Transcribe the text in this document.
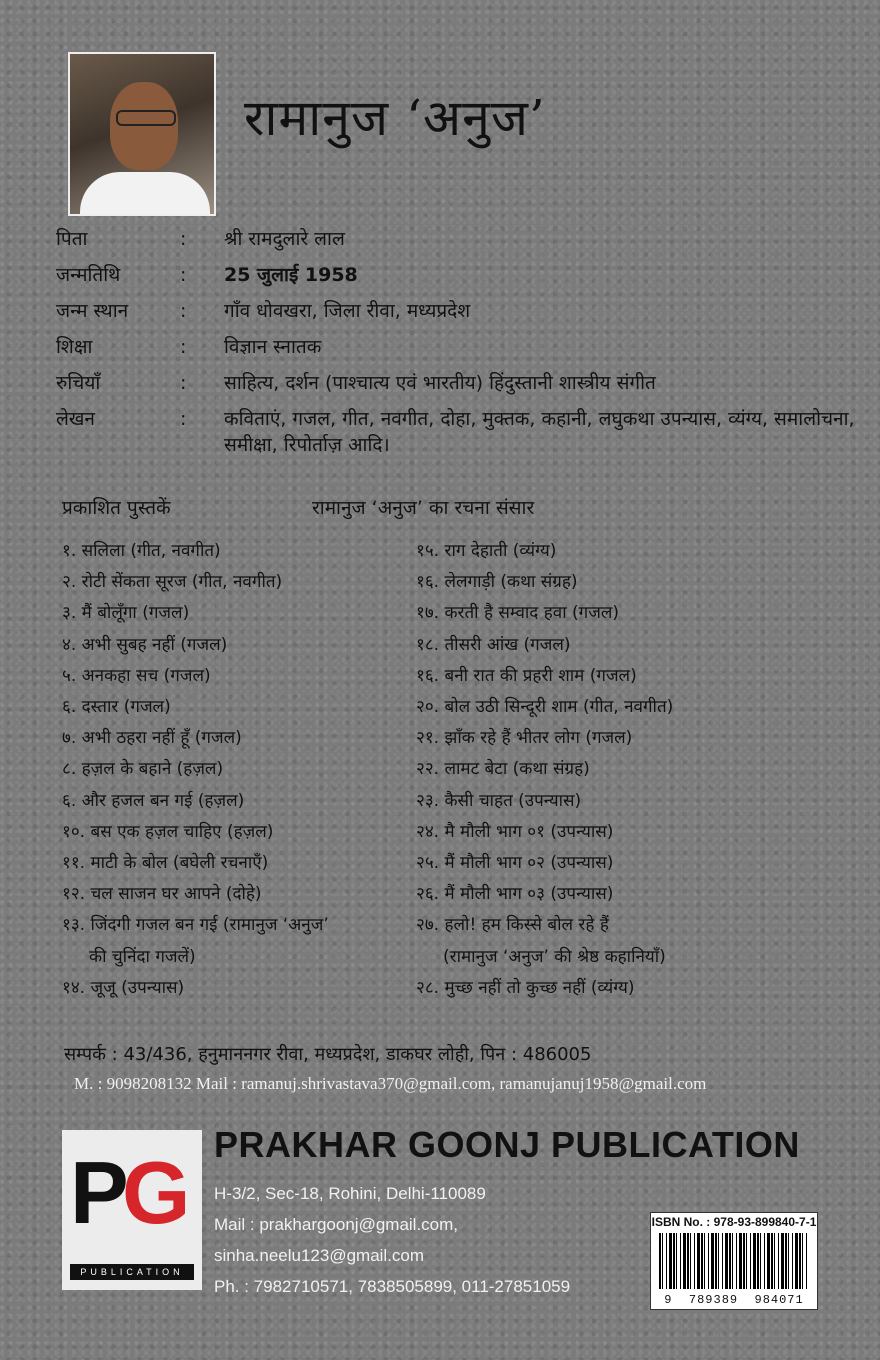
रामानुज ‘अनुज’
पिता	:	श्री रामदुलारे लाल
जन्मतिथि	:	25 जुलाई 1958
जन्म स्थान	:	गाँव धोवखरा, जिला रीवा, मध्यप्रदेश
शिक्षा	:	विज्ञान स्नातक
रुचियाँ	:	साहित्य, दर्शन (पाश्चात्य एवं भारतीय) हिंदुस्तानी शास्त्रीय संगीत
लेखन	:	कविताएं, गजल, गीत, नवगीत, दोहा, मुक्तक, कहानी, लघुकथा उपन्यास, व्यंग्य, समालोचना, समीक्षा, रिपोर्ताज़ आदि।
प्रकाशित पुस्तकें	रामानुज ‘अनुज’ का रचना संसार
१. सलिला (गीत, नवगीत)
२. रोटी सेंकता सूरज (गीत, नवगीत)
३. मैं बोलूँगा (गजल)
४. अभी सुबह नहीं (गजल)
५. अनकहा सच (गजल)
६. दस्तार (गजल)
७. अभी ठहरा नहीं हूँ (गजल)
८. हज़ल के बहाने (हज़ल)
६. और हजल बन गई (हज़ल)
१०. बस एक हज़ल चाहिए (हज़ल)
११. माटी के बोल (बघेली रचनाएँ)
१२. चल साजन घर आपने (दोहे)
१३. जिंदगी गजल बन गई (रामानुज ‘अनुज’
की चुनिंदा गजलें)
१४. जूजू (उपन्यास)
१५. राग देहाती (व्यंग्य)
१६. लेलगाड़ी (कथा संग्रह)
१७. करती है सम्वाद हवा (गजल)
१८. तीसरी आंख (गजल)
१६. बनी रात की प्रहरी शाम (गजल)
२०. बोल उठी सिन्दूरी शाम (गीत, नवगीत)
२१. झाँक रहे हैं भीतर लोग (गजल)
२२. लामट बेटा (कथा संग्रह)
२३. कैसी चाहत (उपन्यास)
२४. मै मौली भाग ०१ (उपन्यास)
२५. मैं मौली भाग ०२ (उपन्यास)
२६. मैं मौली भाग ०३ (उपन्यास)
२७. हलो! हम किस्से बोल रहे हैं
(रामानुज ‘अनुज’ की श्रेष्ठ कहानियाँ)
२८. मुच्छ नहीं तो कुच्छ नहीं (व्यंग्य)
सम्पर्क : 43/436, हनुमाननगर रीवा, मध्यप्रदेश, डाकघर लोही, पिन : 486005
M. : 9098208132 Mail : ramanuj.shrivastava370@gmail.com, ramanujanuj1958@gmail.com
P
G
PUBLICATION
PRAKHAR GOONJ PUBLICATION
H-3/2, Sec-18, Rohini, Delhi-110089
Mail : prakhargoonj@gmail.com,
sinha.neelu123@gmail.com
Ph. : 7982710571, 7838505899, 011-27851059
ISBN No. : 978-93-899840-7-1
9  789389  984071
